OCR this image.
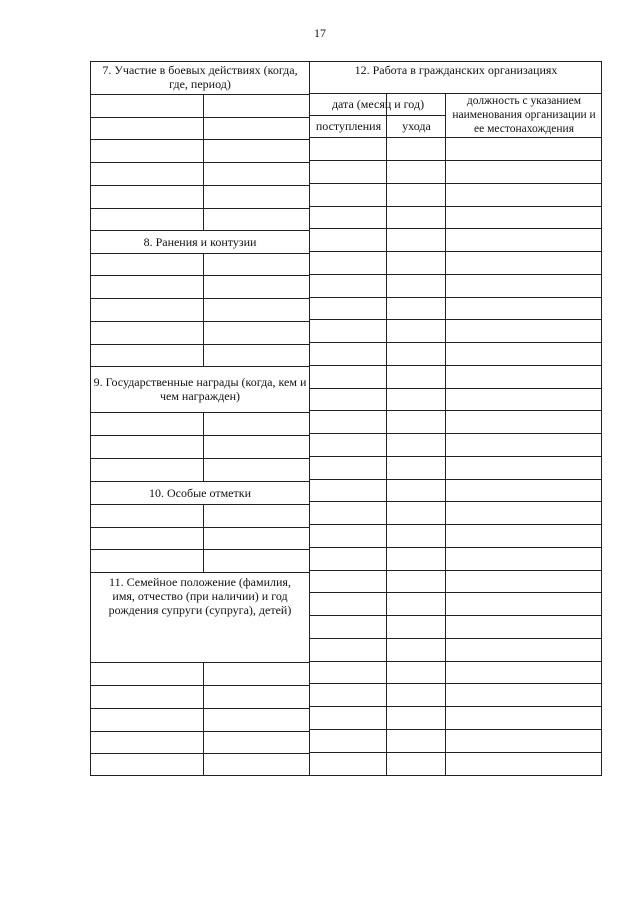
17
7. Участие в боевых действиях (когда, где, период)
12. Работа в гражданских организациях
дата (месяц и год)
поступления	ухода
должность с указанием наименования организации и ее местонахождения
8. Ранения и контузии
9. Государственные награды (когда, кем и чем награжден)
10. Особые отметки
11. Семейное положение (фамилия, имя, отчество (при наличии) и год рождения супруги (супруга), детей)
